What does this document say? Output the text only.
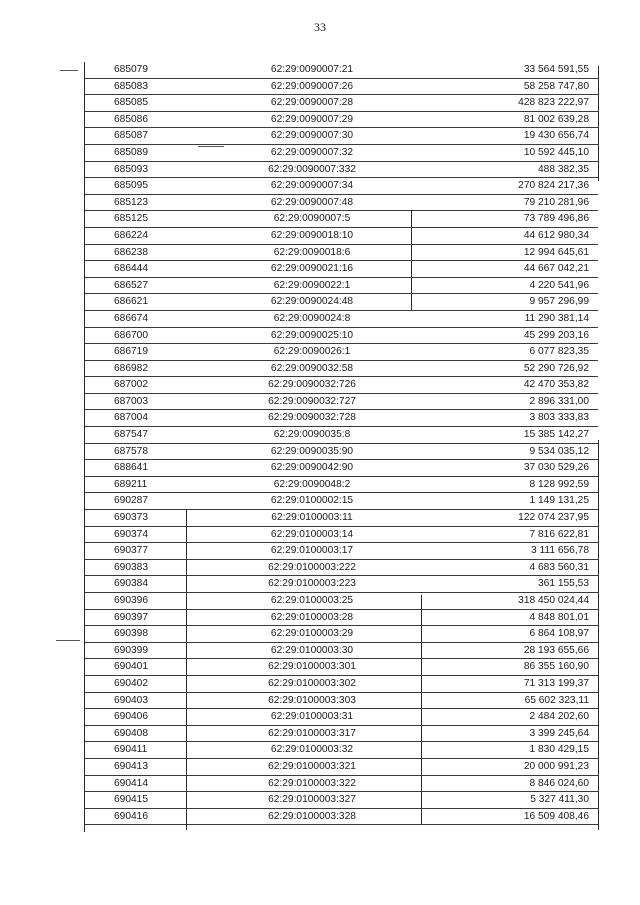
33
685079	62:29:0090007:21	33 564 591,55
685083	62:29:0090007:26	58 258 747,80
685085	62:29:0090007:28	428 823 222,97
685086	62:29:0090007:29	81 002 639,28
685087	62:29:0090007:30	19 430 656,74
685089	62:29:0090007:32	10 592 445,10
685093	62:29:0090007:332	488 382,35
685095	62:29:0090007:34	270 824 217,36
685123	62:29:0090007:48	79 210 281,96
685125	62:29:0090007:5	73 789 496,86
686224	62:29:0090018:10	44 612 980,34
686238	62:29:0090018:6	12 994 645,61
686444	62:29:0090021:16	44 667 042,21
686527	62:29:0090022:1	4 220 541,96
686621	62:29:0090024:48	9 957 296,99
686674	62:29:0090024:8	11 290 381,14
686700	62:29:0090025:10	45 299 203,16
686719	62:29:0090026:1	6 077 823,35
686982	62:29:0090032:58	52 290 726,92
687002	62:29:0090032:726	42 470 353,82
687003	62:29:0090032:727	2 896 331,00
687004	62:29:0090032:728	3 803 333,83
687547	62:29:0090035:8	15 385 142,27
687578	62:29:0090035:90	9 534 035,12
688641	62:29:0090042:90	37 030 529,26
689211	62:29:0090048:2	8 128 992,59
690287	62:29:0100002:15	1 149 131,25
690373	62:29:0100003:11	122 074 237,95
690374	62:29:0100003:14	7 816 622,81
690377	62:29:0100003:17	3 111 656,78
690383	62:29:0100003:222	4 683 560,31
690384	62:29:0100003:223	361 155,53
690396	62:29:0100003:25	318 450 024,44
690397	62:29:0100003:28	4 848 801,01
690398	62:29:0100003:29	6 864 108,97
690399	62:29:0100003:30	28 193 655,66
690401	62:29:0100003:301	86 355 160,90
690402	62:29:0100003:302	71 313 199,37
690403	62:29:0100003:303	65 602 323,11
690406	62:29:0100003:31	2 484 202,60
690408	62:29:0100003:317	3 399 245,64
690411	62:29:0100003:32	1 830 429,15
690413	62:29:0100003:321	20 000 991,23
690414	62:29:0100003:322	8 846 024,60
690415	62:29:0100003:327	5 327 411,30
690416	62:29:0100003:328	16 509 408,46
